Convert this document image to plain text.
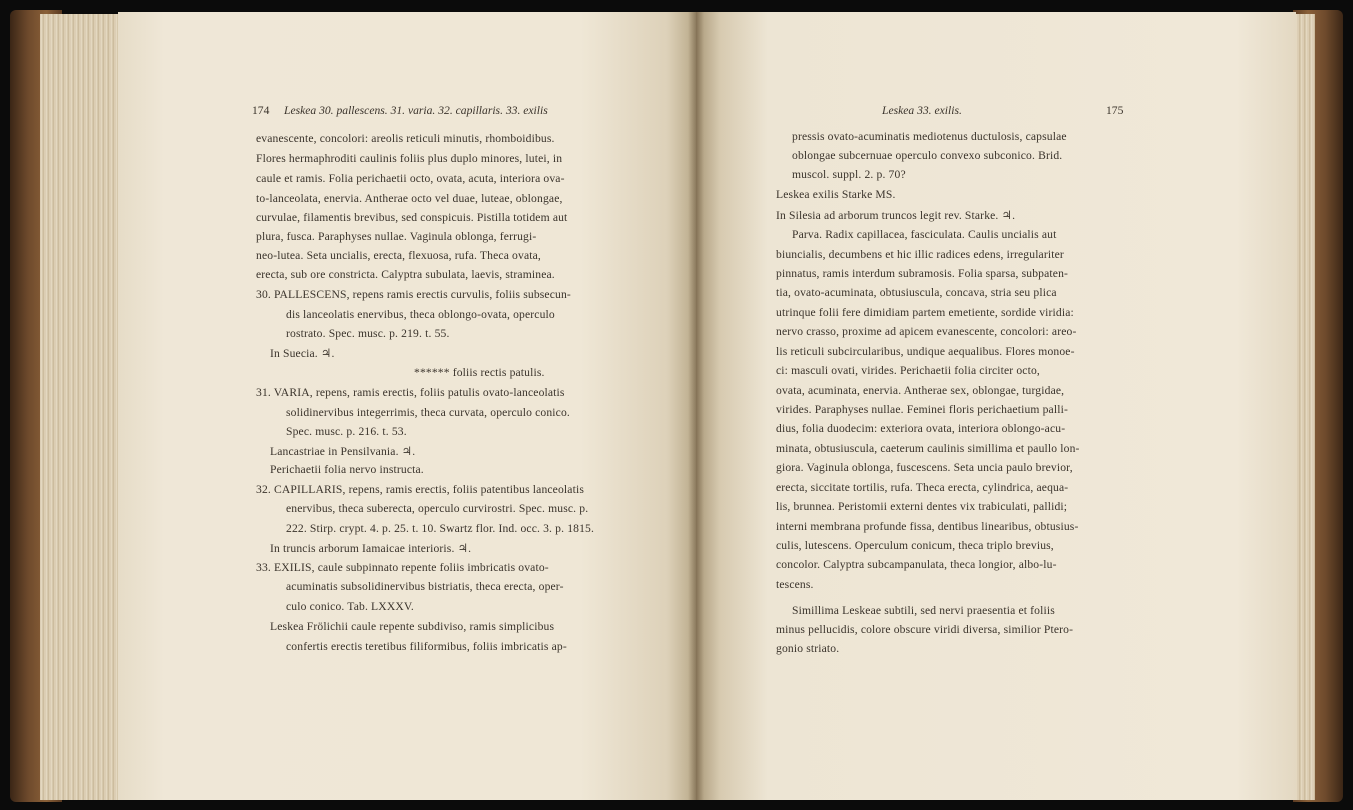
174 Leskea 30. pallescens. 31. varia. 32. capillaris. 33. exilis
evanescente, concolori: areolis reticuli minutis, rhomboidibus.
Flores hermaphroditi caulinis foliis plus duplo minores, lutei, in
caule et ramis. Folia perichaetii octo, ovata, acuta, interiora ova-
to-lanceolata, enervia. Antherae octo vel duae, luteae, oblongae,
curvulae, filamentis brevibus, sed conspicuis. Pistilla totidem aut
plura, fusca. Paraphyses nullae. Vaginula oblonga, ferrugi-
neo-lutea. Seta uncialis, erecta, flexuosa, rufa. Theca ovata,
erecta, sub ore constricta. Calyptra subulata, laevis, straminea.
30. PALLESCENS, repens ramis erectis curvulis, foliis subsecun-
dis lanceolatis enervibus, theca oblongo-ovata, operculo
rostrato. Spec. musc. p. 219. t. 55.
In Suecia. ♃.
****** foliis rectis patulis.
31. VARIA, repens, ramis erectis, foliis patulis ovato-lanceolatis
solidinervibus integerrimis, theca curvata, operculo conico.
Spec. musc. p. 216. t. 53.
Lancastriae in Pensilvania. ♃.
Perichaetii folia nervo instructa.
32. CAPILLARIS, repens, ramis erectis, foliis patentibus lanceolatis
enervibus, theca suberecta, operculo curvirostri. Spec. musc. p.
222. Stirp. crypt. 4. p. 25. t. 10. Swartz flor. Ind. occ. 3. p. 1815.
In truncis arborum Iamaicae interioris. ♃.
33. EXILIS, caule subpinnato repente foliis imbricatis ovato-
acuminatis subsolidinervibus bistriatis, theca erecta, oper-
culo conico. Tab. LXXXV.
Leskea Frölichii caule repente subdiviso, ramis simplicibus
confertis erectis teretibus filiformibus, foliis imbricatis ap-
Leskea 33. exilis.	175
pressis ovato-acuminatis mediotenus ductulosis, capsulae
oblongae subcernuae operculo convexo subconico. Brid.
muscol. suppl. 2. p. 70?
Leskea exilis Starke MS.
In Silesia ad arborum truncos legit rev. Starke. ♃.
Parva. Radix capillacea, fasciculata. Caulis uncialis aut
biuncialis, decumbens et hic illic radices edens, irregulariter
pinnatus, ramis interdum subramosis. Folia sparsa, subpaten-
tia, ovato-acuminata, obtusiuscula, concava, stria seu plica
utrinque folii fere dimidiam partem emetiente, sordide viridia:
nervo crasso, proxime ad apicem evanescente, concolori: areo-
lis reticuli subcircularibus, undique aequalibus. Flores monoe-
ci: masculi ovati, virides. Perichaetii folia circiter octo,
ovata, acuminata, enervia. Antherae sex, oblongae, turgidae,
virides. Paraphyses nullae. Feminei floris perichaetium palli-
dius, folia duodecim: exteriora ovata, interiora oblongo-acu-
minata, obtusiuscula, caeterum caulinis simillima et paullo lon-
giora. Vaginula oblonga, fuscescens. Seta uncia paulo brevior,
erecta, siccitate tortilis, rufa. Theca erecta, cylindrica, aequa-
lis, brunnea. Peristomii externi dentes vix trabiculati, pallidi;
interni membrana profunde fissa, dentibus linearibus, obtusius-
culis, lutescens. Operculum conicum, theca triplo brevius,
concolor. Calyptra subcampanulata, theca longior, albo-lu-
tescens.
Simillima Leskeae subtili, sed nervi praesentia et foliis
minus pellucidis, colore obscure viridi diversa, similior Ptero-
gonio striato.
